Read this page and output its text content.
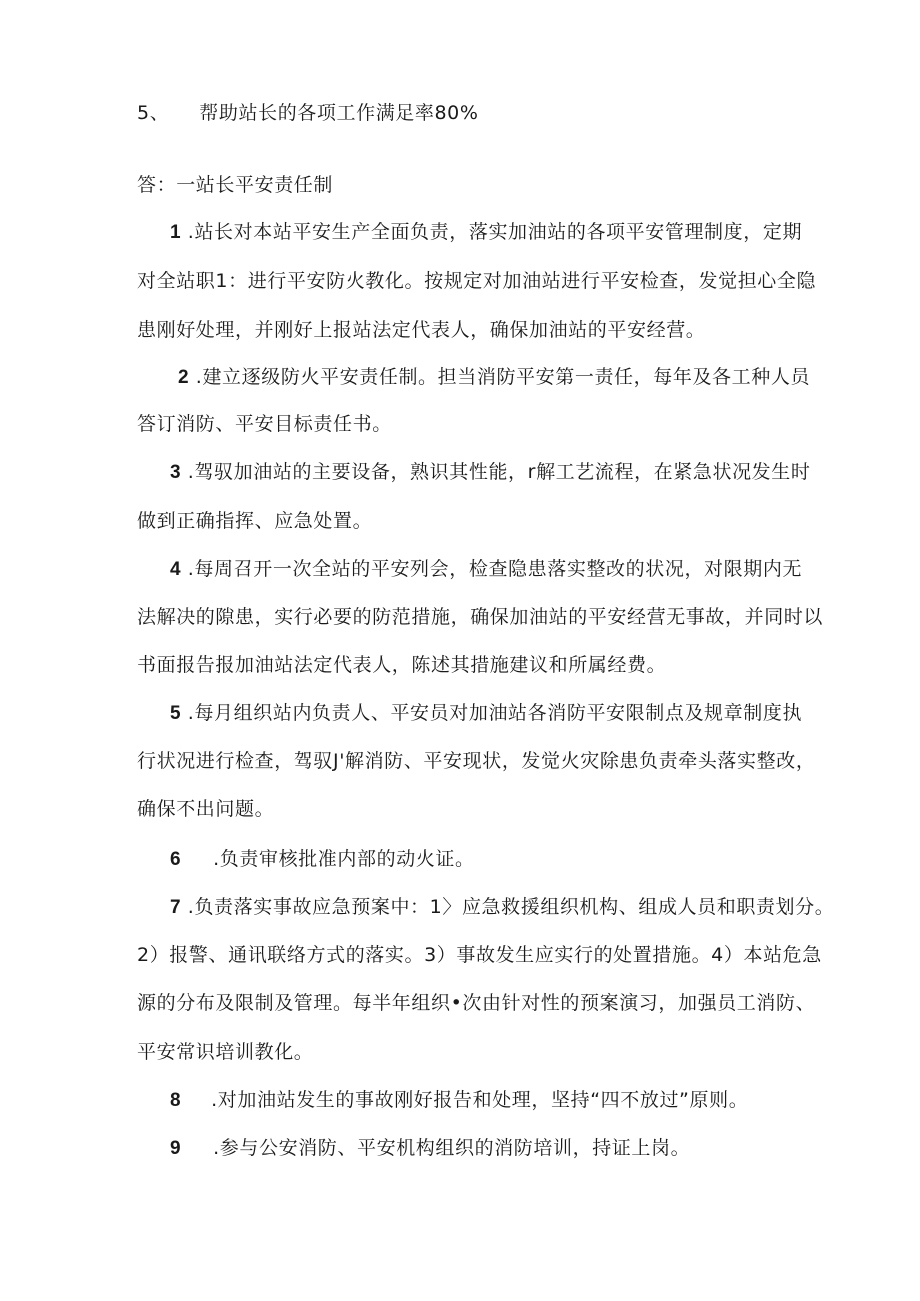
5、 帮助站长的各项工作满足率80%
答：一站长平安责任制
1 .站长对本站平安生产全面负责，落实加油站的各项平安管理制度，定期
对全站职1：进行平安防火教化。按规定对加油站进行平安检查，发觉担心全隐
患刚好处理，并刚好上报站法定代表人，确保加油站的平安经营。
2 .建立逐级防火平安责任制。担当消防平安第一责任，每年及各工种人员
答订消防、平安目标责任书。
3 .驾驭加油站的主要设备，熟识其性能，r解工艺流程，在紧急状况发生时
做到正确指挥、应急处置。
4 .每周召开一次全站的平安列会，检查隐患落实整改的状况，对限期内无
法解决的隙患，实行必要的防范措施，确保加油站的平安经营无事故，并同时以
书面报告报加油站法定代表人，陈述其措施建议和所属经费。
5 .每月组织站内负责人、平安员对加油站各消防平安限制点及规章制度执
行状况进行检查，驾驭J'解消防、平安现状，发觉火灾除患负责牵头落实整改，
确保不出问题。
6 .负责审核批准内部的动火证。
7 .负责落实事故应急预案中：1〉应急救援组织机构、组成人员和职责划分。
2）报警、通讯联络方式的落实。3）事故发生应实行的处置措施。4）本站危急
源的分布及限制及管理。每半年组织•次由针对性的预案演习，加强员工消防、
平安常识培训教化。
8 .对加油站发生的事故刚好报告和处理，坚持“四不放过”原则。
9 .参与公安消防、平安机构组织的消防培训，持证上岗。
